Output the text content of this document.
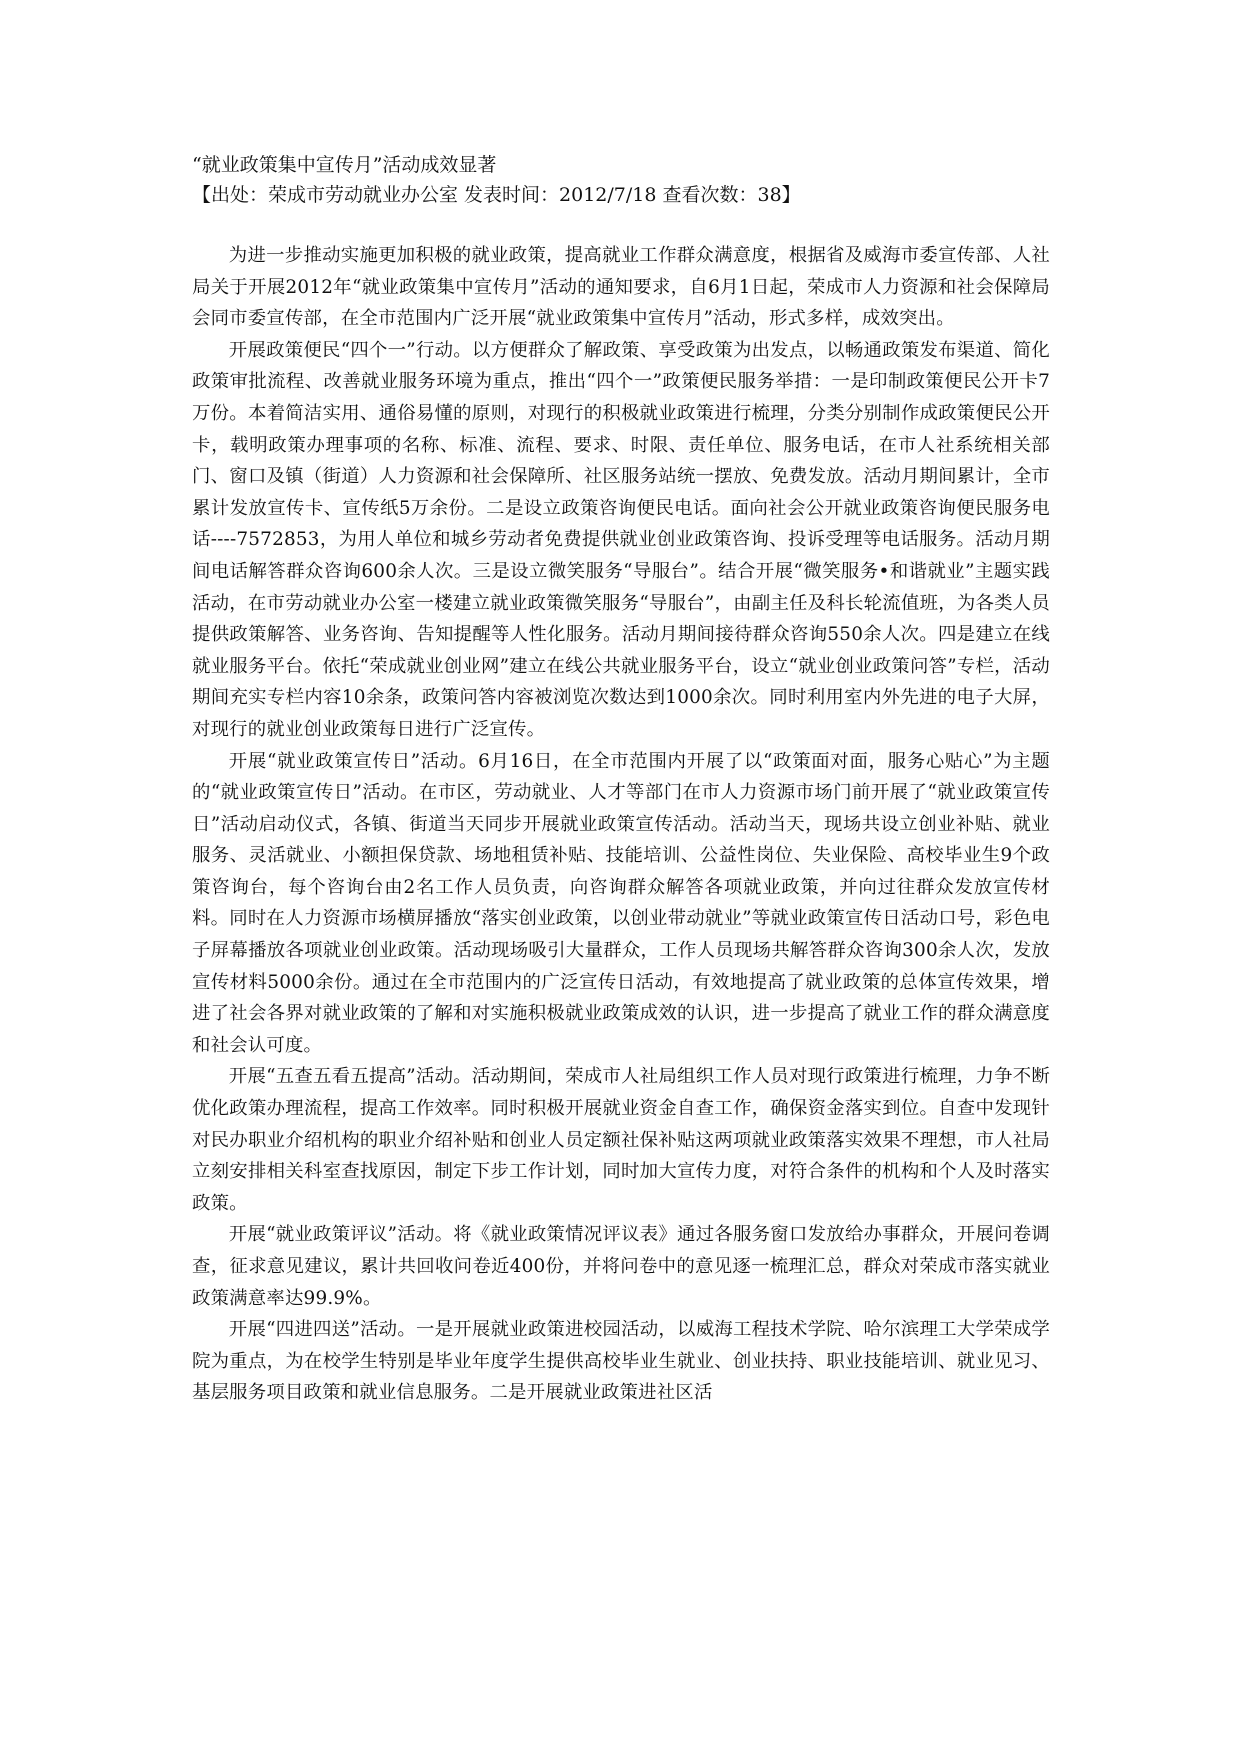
“就业政策集中宣传月”活动成效显著

【出处：荣成市劳动就业办公室 发表时间：2012/7/18 查看次数：38】

为进一步推动实施更加积极的就业政策，提高就业工作群众满意度，根据省及威海市委宣传部、人社局关于开展2012年“就业政策集中宣传月”活动的通知要求，自6月1日起，荣成市人力资源和社会保障局会同市委宣传部，在全市范围内广泛开展“就业政策集中宣传月”活动，形式多样，成效突出。

开展政策便民“四个一”行动。以方便群众了解政策、享受政策为出发点，以畅通政策发布渠道、简化政策审批流程、改善就业服务环境为重点，推出“四个一”政策便民服务举措：一是印制政策便民公开卡7万份。本着简洁实用、通俗易懂的原则，对现行的积极就业政策进行梳理，分类分别制作成政策便民公开卡，载明政策办理事项的名称、标准、流程、要求、时限、责任单位、服务电话，在市人社系统相关部门、窗口及镇（街道）人力资源和社会保障所、社区服务站统一摆放、免费发放。活动月期间累计，全市累计发放宣传卡、宣传纸5万余份。二是设立政策咨询便民电话。面向社会公开就业政策咨询便民服务电话----7572853，为用人单位和城乡劳动者免费提供就业创业政策咨询、投诉受理等电话服务。活动月期间电话解答群众咨询600余人次。三是设立微笑服务“导服台”。结合开展“微笑服务•和谐就业”主题实践活动，在市劳动就业办公室一楼建立就业政策微笑服务“导服台”，由副主任及科长轮流值班，为各类人员提供政策解答、业务咨询、告知提醒等人性化服务。活动月期间接待群众咨询550余人次。四是建立在线就业服务平台。依托“荣成就业创业网”建立在线公共就业服务平台，设立“就业创业政策问答”专栏，活动期间充实专栏内容10余条，政策问答内容被浏览次数达到1000余次。同时利用室内外先进的电子大屏，对现行的就业创业政策每日进行广泛宣传。

开展“就业政策宣传日”活动。6月16日，在全市范围内开展了以“政策面对面，服务心贴心”为主题的“就业政策宣传日”活动。在市区，劳动就业、人才等部门在市人力资源市场门前开展了“就业政策宣传日”活动启动仪式，各镇、街道当天同步开展就业政策宣传活动。活动当天，现场共设立创业补贴、就业服务、灵活就业、小额担保贷款、场地租赁补贴、技能培训、公益性岗位、失业保险、高校毕业生9个政策咨询台，每个咨询台由2名工作人员负责，向咨询群众解答各项就业政策，并向过往群众发放宣传材料。同时在人力资源市场横屏播放“落实创业政策，以创业带动就业”等就业政策宣传日活动口号，彩色电子屏幕播放各项就业创业政策。活动现场吸引大量群众，工作人员现场共解答群众咨询300余人次，发放宣传材料5000余份。通过在全市范围内的广泛宣传日活动，有效地提高了就业政策的总体宣传效果，增进了社会各界对就业政策的了解和对实施积极就业政策成效的认识，进一步提高了就业工作的群众满意度和社会认可度。

开展“五查五看五提高”活动。活动期间，荣成市人社局组织工作人员对现行政策进行梳理，力争不断优化政策办理流程，提高工作效率。同时积极开展就业资金自查工作，确保资金落实到位。自查中发现针对民办职业介绍机构的职业介绍补贴和创业人员定额社保补贴这两项就业政策落实效果不理想，市人社局立刻安排相关科室查找原因，制定下步工作计划，同时加大宣传力度，对符合条件的机构和个人及时落实政策。

开展“就业政策评议”活动。将《就业政策情况评议表》通过各服务窗口发放给办事群众，开展问卷调查，征求意见建议，累计共回收问卷近400份，并将问卷中的意见逐一梳理汇总，群众对荣成市落实就业政策满意率达99.9%。

开展“四进四送”活动。一是开展就业政策进校园活动，以威海工程技术学院、哈尔滨理工大学荣成学院为重点，为在校学生特别是毕业年度学生提供高校毕业生就业、创业扶持、职业技能培训、就业见习、基层服务项目政策和就业信息服务。二是开展就业政策进社区活
